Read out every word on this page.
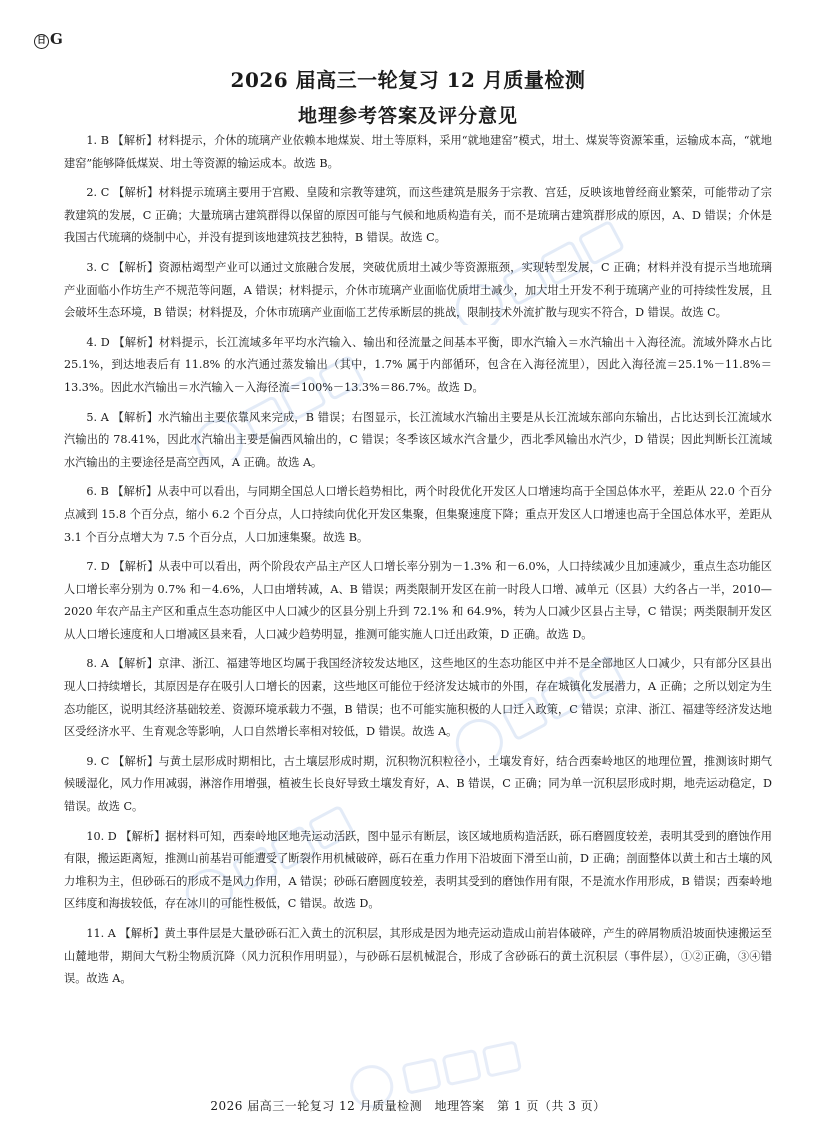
日 G
2026 届高三一轮复习 12 月质量检测
地理参考答案及评分意见

1. B 【解析】材料提示，介休的琉璃产业依赖本地煤炭、坩土等原料，采用“就地建窑”模式，坩土、煤炭等资源笨重，运输成本高，“就地建窑”能够降低煤炭、坩土等资源的输运成本。故选 B。

2. C 【解析】材料提示琉璃主要用于宫殿、皇陵和宗教等建筑，而这些建筑是服务于宗教、宫廷，反映该地曾经商业繁荣，可能带动了宗教建筑的发展，C 正确；大量琉璃古建筑群得以保留的原因可能与气候和地质构造有关，而不是琉璃古建筑群形成的原因，A、D 错误；介休是我国古代琉璃的烧制中心，并没有提到该地建筑技艺独特，B 错误。故选 C。

3. C 【解析】资源枯竭型产业可以通过文旅融合发展，突破优质坩土减少等资源瓶颈，实现转型发展，C 正确；材料并没有提示当地琉璃产业面临小作坊生产不规范等问题，A 错误；材料提示，介休市琉璃产业面临优质坩土减少，加大坩土开发不利于琉璃产业的可持续性发展，且会破坏生态环境，B 错误；材料提及，介休市琉璃产业面临工艺传承断层的挑战，限制技术外流扩散与现实不符合，D 错误。故选 C。

4. D 【解析】材料提示，长江流域多年平均水汽输入、输出和径流量之间基本平衡，即水汽输入＝水汽输出＋入海径流。流域外降水占比 25.1%，到达地表后有 11.8% 的水汽通过蒸发输出（其中，1.7% 属于内部循环，包含在入海径流里），因此入海径流＝25.1%－11.8%＝13.3%。因此水汽输出＝水汽输入－入海径流＝100%－13.3%＝86.7%。故选 D。

5. A 【解析】水汽输出主要依靠风来完成，B 错误；右图显示，长江流域水汽输出主要是从长江流域东部向东输出，占比达到长江流域水汽输出的 78.41%，因此水汽输出主要是偏西风输出的，C 错误；冬季该区域水汽含量少，西北季风输出水汽少，D 错误；因此判断长江流域水汽输出的主要途径是高空西风，A 正确。故选 A。

6. B 【解析】从表中可以看出，与同期全国总人口增长趋势相比，两个时段优化开发区人口增速均高于全国总体水平，差距从 22.0 个百分点减到 15.8 个百分点，缩小 6.2 个百分点，人口持续向优化开发区集聚，但集聚速度下降；重点开发区人口增速也高于全国总体水平，差距从 3.1 个百分点增大为 7.5 个百分点，人口加速集聚。故选 B。

7. D 【解析】从表中可以看出，两个阶段农产品主产区人口增长率分别为－1.3% 和－6.0%，人口持续减少且加速减少，重点生态功能区人口增长率分别为 0.7% 和－4.6%，人口由增转减，A、B 错误；两类限制开发区在前一时段人口增、减单元（区县）大约各占一半，2010—2020 年农产品主产区和重点生态功能区中人口减少的区县分别上升到 72.1% 和 64.9%，转为人口减少区县占主导，C 错误；两类限制开发区从人口增长速度和人口增减区县来看，人口减少趋势明显，推测可能实施人口迁出政策，D 正确。故选 D。

8. A 【解析】京津、浙江、福建等地区均属于我国经济较发达地区，这些地区的生态功能区中并不是全部地区人口减少，只有部分区县出现人口持续增长，其原因是存在吸引人口增长的因素，这些地区可能位于经济发达城市的外围，存在城镇化发展潜力，A 正确；之所以划定为生态功能区，说明其经济基础较差、资源环境承载力不强，B 错误；也不可能实施积极的人口迁入政策，C 错误；京津、浙江、福建等经济发达地区受经济水平、生育观念等影响，人口自然增长率相对较低，D 错误。故选 A。

9. C 【解析】与黄土层形成时期相比，古土壤层形成时期，沉积物沉积粒径小，土壤发育好，结合西秦岭地区的地理位置，推测该时期气候暖湿化，风力作用减弱，淋溶作用增强，植被生长良好导致土壤发育好，A、B 错误，C 正确；同为单一沉积层形成时期，地壳运动稳定，D 错误。故选 C。

10. D 【解析】据材料可知，西秦岭地区地壳运动活跃，图中显示有断层，该区域地质构造活跃，砾石磨圆度较差，表明其受到的磨蚀作用有限，搬运距离短，推测山前基岩可能遭受了断裂作用机械破碎，砾石在重力作用下沿坡面下滑至山前，D 正确；剖面整体以黄土和古土壤的风力堆积为主，但砂砾石的形成不是风力作用，A 错误；砂砾石磨圆度较差，表明其受到的磨蚀作用有限，不是流水作用形成，B 错误；西秦岭地区纬度和海拔较低，存在冰川的可能性极低，C 错误。故选 D。

11. A 【解析】黄土事件层是大量砂砾石汇入黄土的沉积层，其形成是因为地壳运动造成山前岩体破碎，产生的碎屑物质沿坡面快速搬运至山麓地带，期间大气粉尘物质沉降（风力沉积作用明显），与砂砾石层机械混合，形成了含砂砾石的黄土沉积层（事件层），①②正确，③④错误。故选 A。

2026 届高三一轮复习 12 月质量检测　地理答案　第 1 页（共 3 页）
